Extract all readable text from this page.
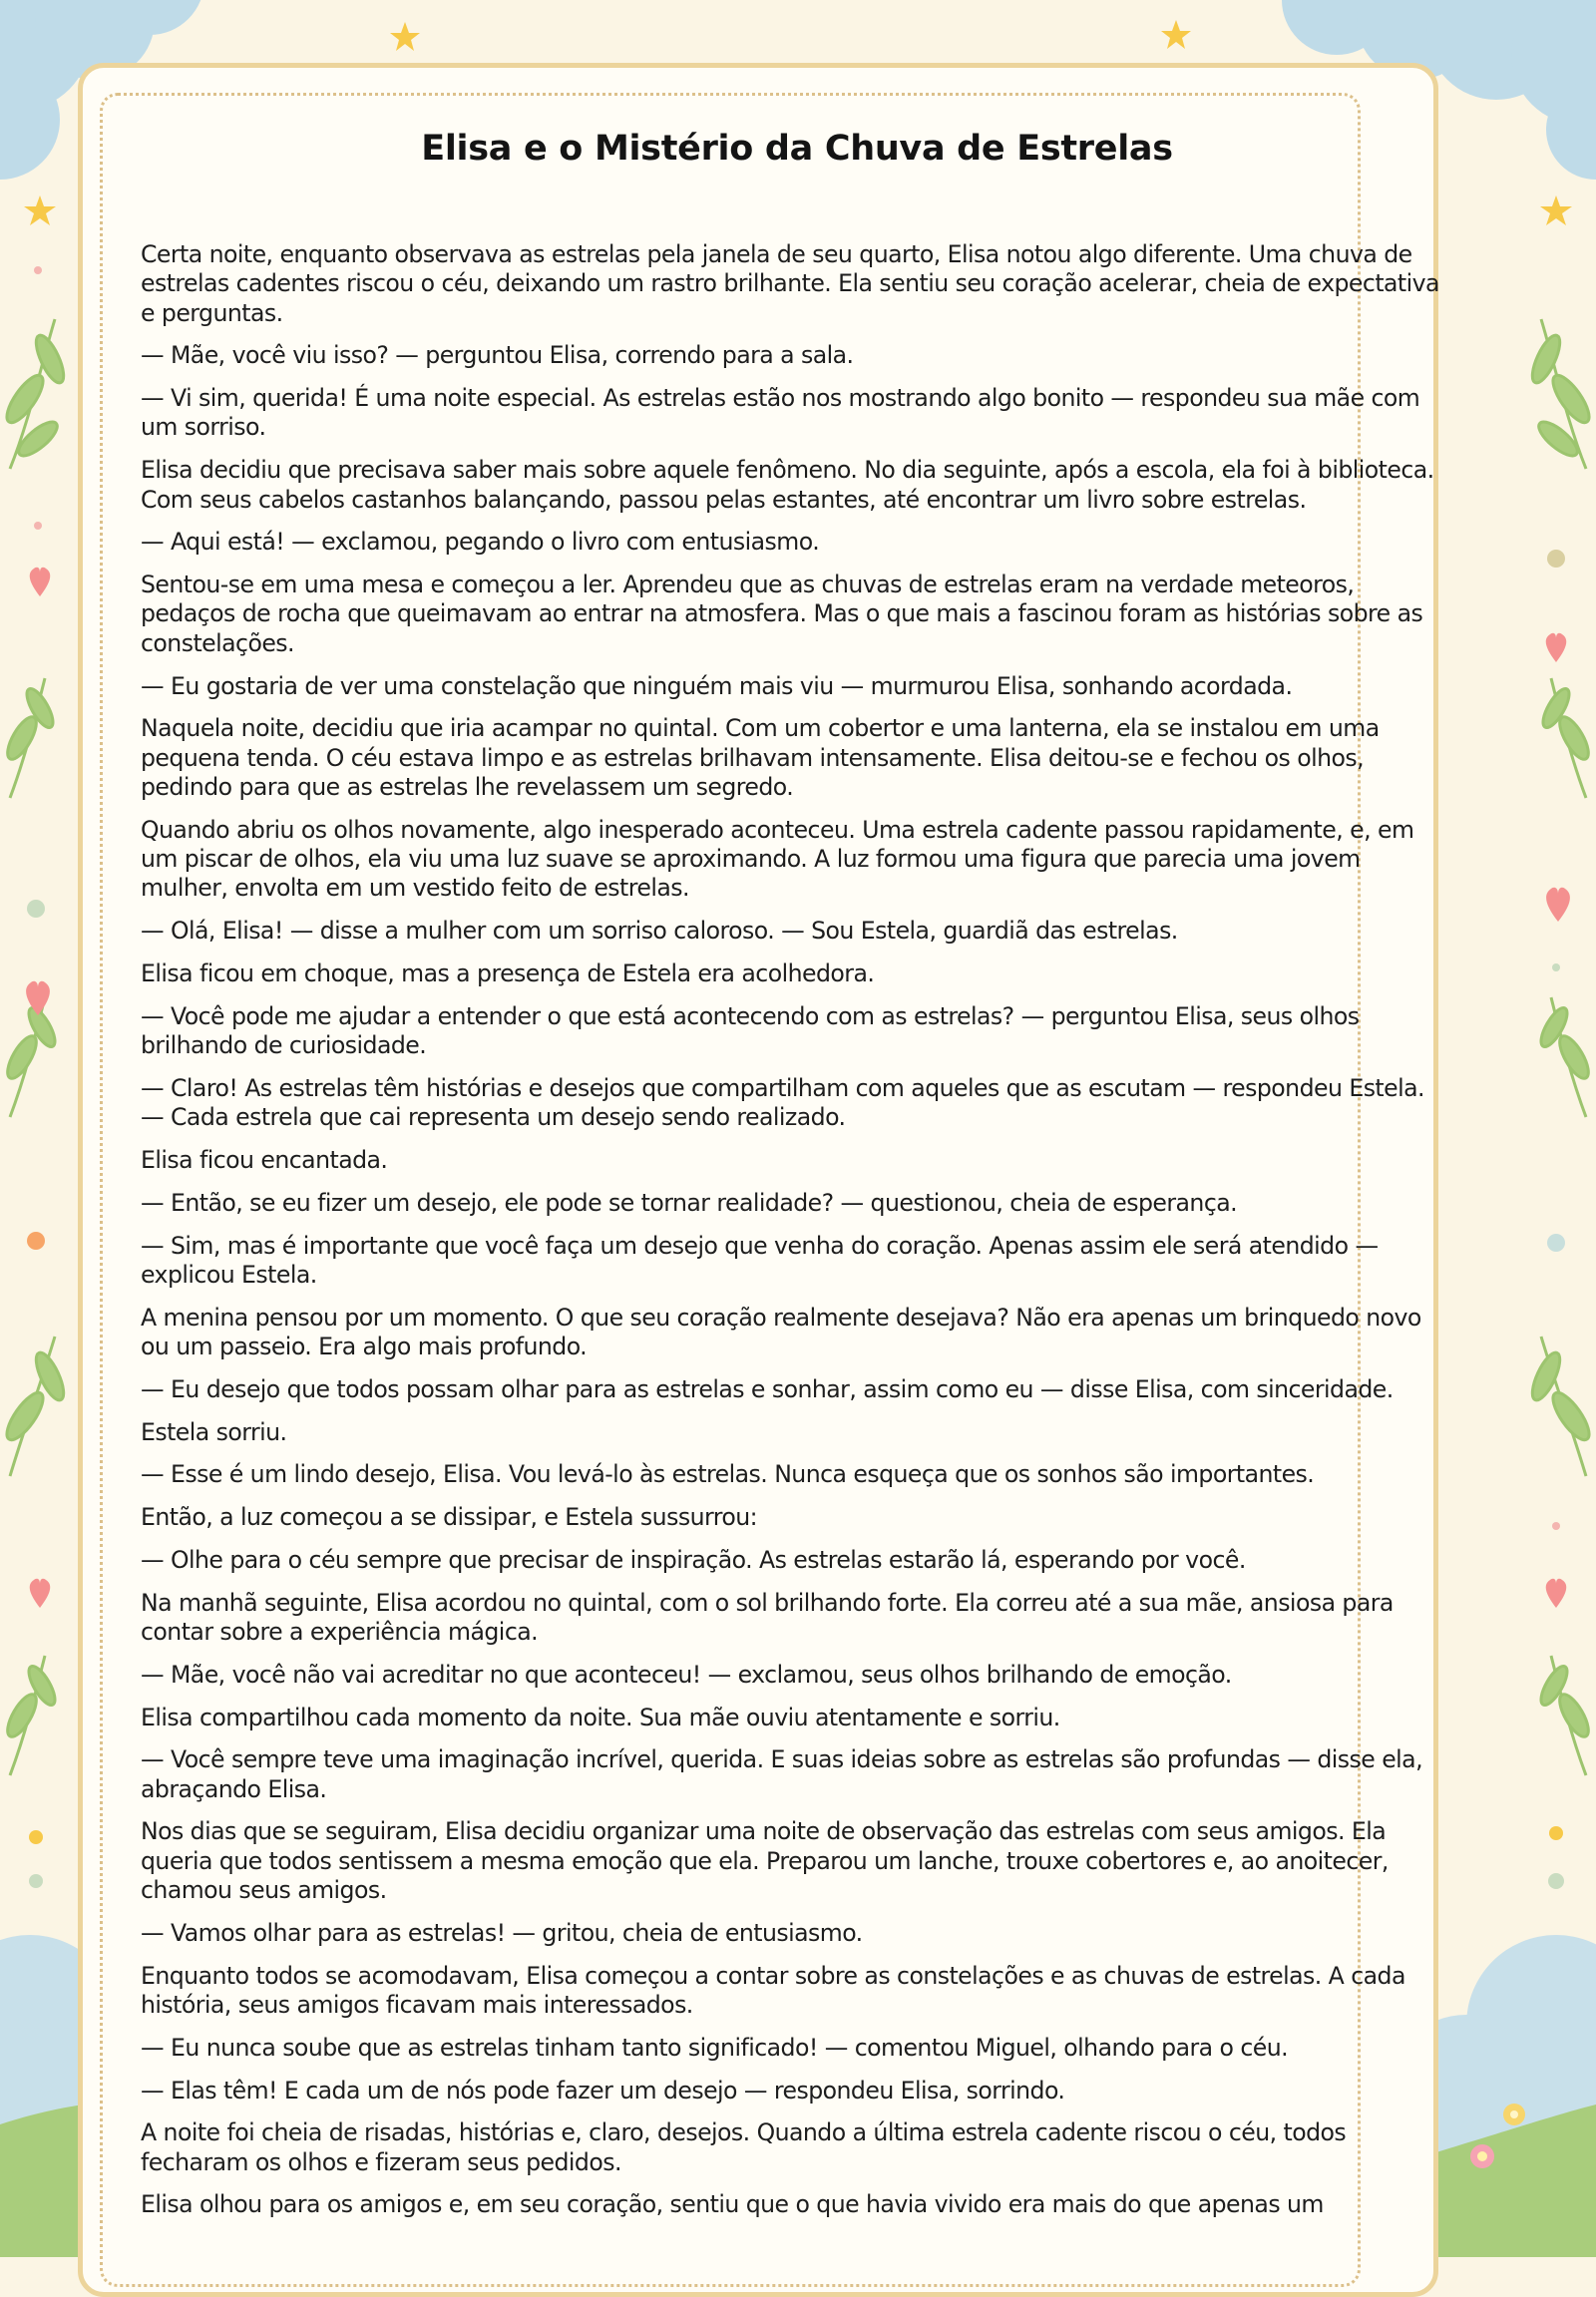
Elisa e o Mistério da Chuva de Estrelas

Certa noite, enquanto observava as estrelas pela janela de seu quarto, Elisa notou algo diferente. Uma chuva de estrelas cadentes riscou o céu, deixando um rastro brilhante. Ela sentiu seu coração acelerar, cheia de expectativa e perguntas.

— Mãe, você viu isso? — perguntou Elisa, correndo para a sala.

— Vi sim, querida! É uma noite especial. As estrelas estão nos mostrando algo bonito — respondeu sua mãe com um sorriso.

Elisa decidiu que precisava saber mais sobre aquele fenômeno. No dia seguinte, após a escola, ela foi à biblioteca. Com seus cabelos castanhos balançando, passou pelas estantes, até encontrar um livro sobre estrelas.

— Aqui está! — exclamou, pegando o livro com entusiasmo.

Sentou-se em uma mesa e começou a ler. Aprendeu que as chuvas de estrelas eram na verdade meteoros, pedaços de rocha que queimavam ao entrar na atmosfera. Mas o que mais a fascinou foram as histórias sobre as constelações.

— Eu gostaria de ver uma constelação que ninguém mais viu — murmurou Elisa, sonhando acordada.

Naquela noite, decidiu que iria acampar no quintal. Com um cobertor e uma lanterna, ela se instalou em uma pequena tenda. O céu estava limpo e as estrelas brilhavam intensamente. Elisa deitou-se e fechou os olhos, pedindo para que as estrelas lhe revelassem um segredo.

Quando abriu os olhos novamente, algo inesperado aconteceu. Uma estrela cadente passou rapidamente, e, em um piscar de olhos, ela viu uma luz suave se aproximando. A luz formou uma figura que parecia uma jovem mulher, envolta em um vestido feito de estrelas.

— Olá, Elisa! — disse a mulher com um sorriso caloroso. — Sou Estela, guardiã das estrelas.

Elisa ficou em choque, mas a presença de Estela era acolhedora.

— Você pode me ajudar a entender o que está acontecendo com as estrelas? — perguntou Elisa, seus olhos brilhando de curiosidade.

— Claro! As estrelas têm histórias e desejos que compartilham com aqueles que as escutam — respondeu Estela. — Cada estrela que cai representa um desejo sendo realizado.

Elisa ficou encantada.

— Então, se eu fizer um desejo, ele pode se tornar realidade? — questionou, cheia de esperança.

— Sim, mas é importante que você faça um desejo que venha do coração. Apenas assim ele será atendido — explicou Estela.

A menina pensou por um momento. O que seu coração realmente desejava? Não era apenas um brinquedo novo ou um passeio. Era algo mais profundo.

— Eu desejo que todos possam olhar para as estrelas e sonhar, assim como eu — disse Elisa, com sinceridade.

Estela sorriu.

— Esse é um lindo desejo, Elisa. Vou levá-lo às estrelas. Nunca esqueça que os sonhos são importantes.

Então, a luz começou a se dissipar, e Estela sussurrou:

— Olhe para o céu sempre que precisar de inspiração. As estrelas estarão lá, esperando por você.

Na manhã seguinte, Elisa acordou no quintal, com o sol brilhando forte. Ela correu até a sua mãe, ansiosa para contar sobre a experiência mágica.

— Mãe, você não vai acreditar no que aconteceu! — exclamou, seus olhos brilhando de emoção.

Elisa compartilhou cada momento da noite. Sua mãe ouviu atentamente e sorriu.

— Você sempre teve uma imaginação incrível, querida. E suas ideias sobre as estrelas são profundas — disse ela, abraçando Elisa.

Nos dias que se seguiram, Elisa decidiu organizar uma noite de observação das estrelas com seus amigos. Ela queria que todos sentissem a mesma emoção que ela. Preparou um lanche, trouxe cobertores e, ao anoitecer, chamou seus amigos.

— Vamos olhar para as estrelas! — gritou, cheia de entusiasmo.

Enquanto todos se acomodavam, Elisa começou a contar sobre as constelações e as chuvas de estrelas. A cada história, seus amigos ficavam mais interessados.

— Eu nunca soube que as estrelas tinham tanto significado! — comentou Miguel, olhando para o céu.

— Elas têm! E cada um de nós pode fazer um desejo — respondeu Elisa, sorrindo.

A noite foi cheia de risadas, histórias e, claro, desejos. Quando a última estrela cadente riscou o céu, todos fecharam os olhos e fizeram seus pedidos.

Elisa olhou para os amigos e, em seu coração, sentiu que o que havia vivido era mais do que apenas um
